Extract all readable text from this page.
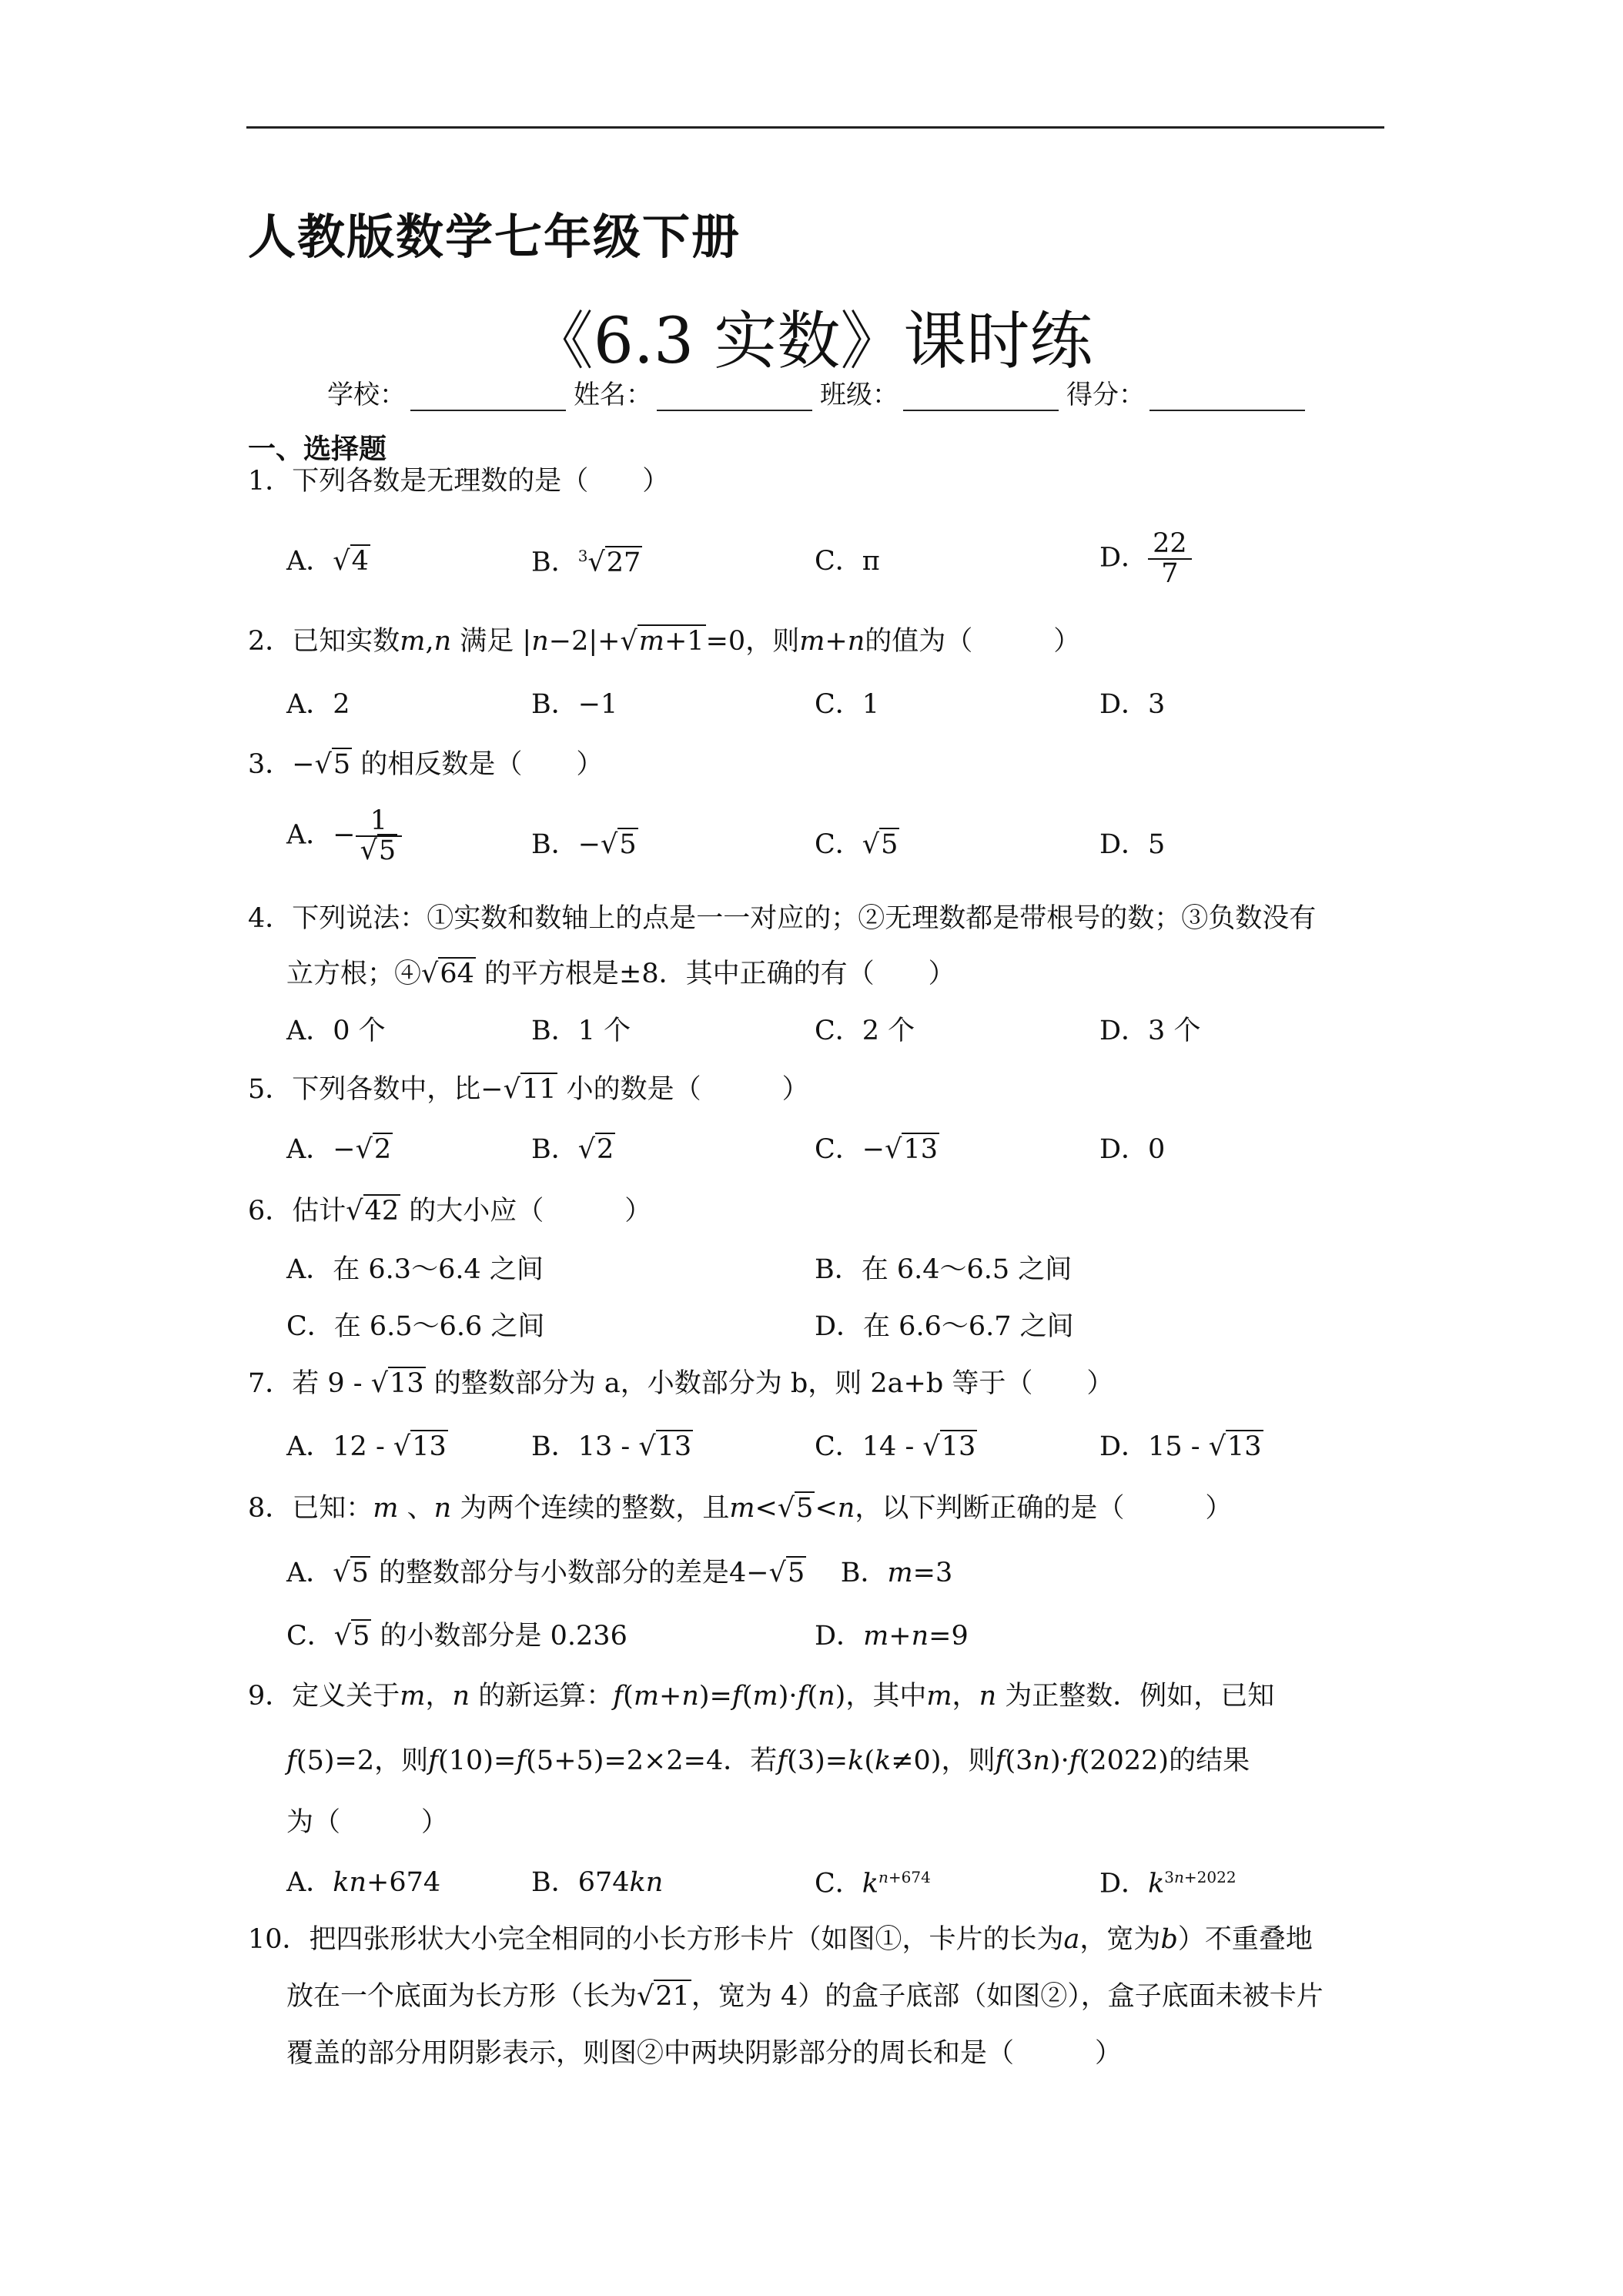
人教版数学七年级下册
《6.3 实数》课时练
学校：	姓名：	班级：	得分：
一、选择题
1．下列各数是无理数的是（　　）
A．√4	B．$^3$√27	C．π	D． $\frac{22}{7}$
2．已知实数m,n 满足 |n−2|+√m+1=0，则m+n的值为（　　　）
A．2	B．−1	C．1	D．3
3．−√5 的相反数是（　　）
A．− $\frac{1}{√5}$	B．−√5	C．√5	D．5
4．下列说法：①实数和数轴上的点是一一对应的；②无理数都是带根号的数；③负数没有
立方根；④√64 的平方根是±8．其中正确的有（　　）
A．0 个	B．1 个	C．2 个	D．3 个
5．下列各数中，比−√11 小的数是（　　　）
A．−√2	B．√2	C．−√13	D．0
6．估计√42 的大小应（　　　）
A．在 6.3～6.4 之间	B．在 6.4～6.5 之间
C．在 6.5～6.6 之间	D．在 6.6～6.7 之间
7．若 9 - √13 的整数部分为 a，小数部分为 b，则 2a+b 等于（　　）
A．12 - √13	B．13 - √13	C．14 - √13	D．15 - √13
8．已知：m 、n 为两个连续的整数，且m<√5<n，以下判断正确的是（　　　）
A．√5 的整数部分与小数部分的差是4−√5 B．m=3
C．√5 的小数部分是 0.236	D．m+n=9
9．定义关于m，n 的新运算：f(m+n)=f(m)·f(n)，其中m，n 为正整数．例如，已知
f(5)=2，则f(10)=f(5+5)=2×2=4．若f(3)=k(k≠0)，则f(3n)·f(2022)的结果
为（　　　）
A．kn+674	B．674kn	C．$k^{n+674}$	D．$k^{3n+2022}$
10．把四张形状大小完全相同的小长方形卡片（如图①，卡片的长为a，宽为b）不重叠地
放在一个底面为长方形（长为√21，宽为 4）的盒子底部（如图②），盒子底面未被卡片
覆盖的部分用阴影表示，则图②中两块阴影部分的周长和是（　　　）
